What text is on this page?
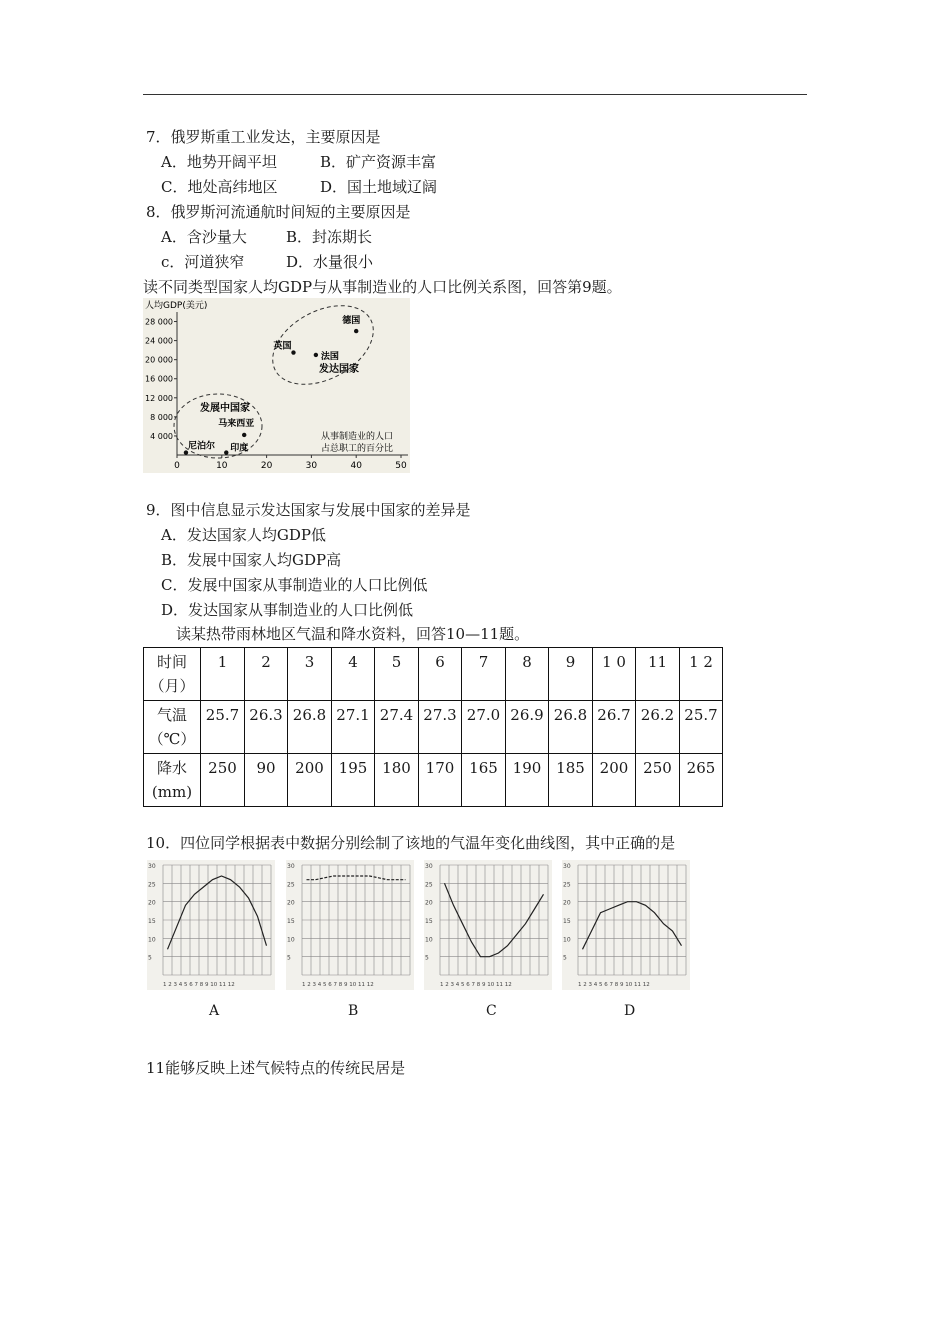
7．俄罗斯重工业发达，主要原因是
A．地势开阔平坦	B．矿产资源丰富
C．地处高纬地区	D．国土地域辽阔
8．俄罗斯河流通航时间短的主要原因是
A．含沙量大	B．封冻期长
c．河道狭窄	D．水量很小
读不同类型国家人均GDP与从事制造业的人口比例关系图，回答第9题。
人均GDP(美元)
28 000
24 000
20 000
16 000
12 000
8 000
4 000
0	10	20	30	40	50
发达国家
发展中国家
德国
英国
法国
马来西亚
尼泊尔 印度
从事制造业的人口
占总职工的百分比
9．图中信息显示发达国家与发展中国家的差异是
A．发达国家人均GDP低
B．发展中国家人均GDP高
C．发展中国家从事制造业的人口比例低
D．发达国家从事制造业的人口比例低
读某热带雨林地区气温和降水资料，回答10—11题。
时间
（月）	1	2	3	4	5	6	7	8	9	1 0	11	1 2

气温
（℃）	25.7	26.3	26.8	27.1	27.4	27.3	27.0	26.9	26.8	26.7	26.2	25.7

降水
(mm)	250	90	200	195	180	170	165	190	185	200	250	265
10．四位同学根据表中数据分别绘制了该地的气温年变化曲线图，其中正确的是
30
25
20
15
10
5
1 2 3 4 5 6 7 8 9 10 11 12
A
30
25
20
15
10
5
1 2 3 4 5 6 7 8 9 10 11 12
B
30
25
20
15
10
5
1 2 3 4 5 6 7 8 9 10 11 12
C
30
25
20
15
10
5
1 2 3 4 5 6 7 8 9 10 11 12
D
11能够反映上述气候特点的传统民居是
